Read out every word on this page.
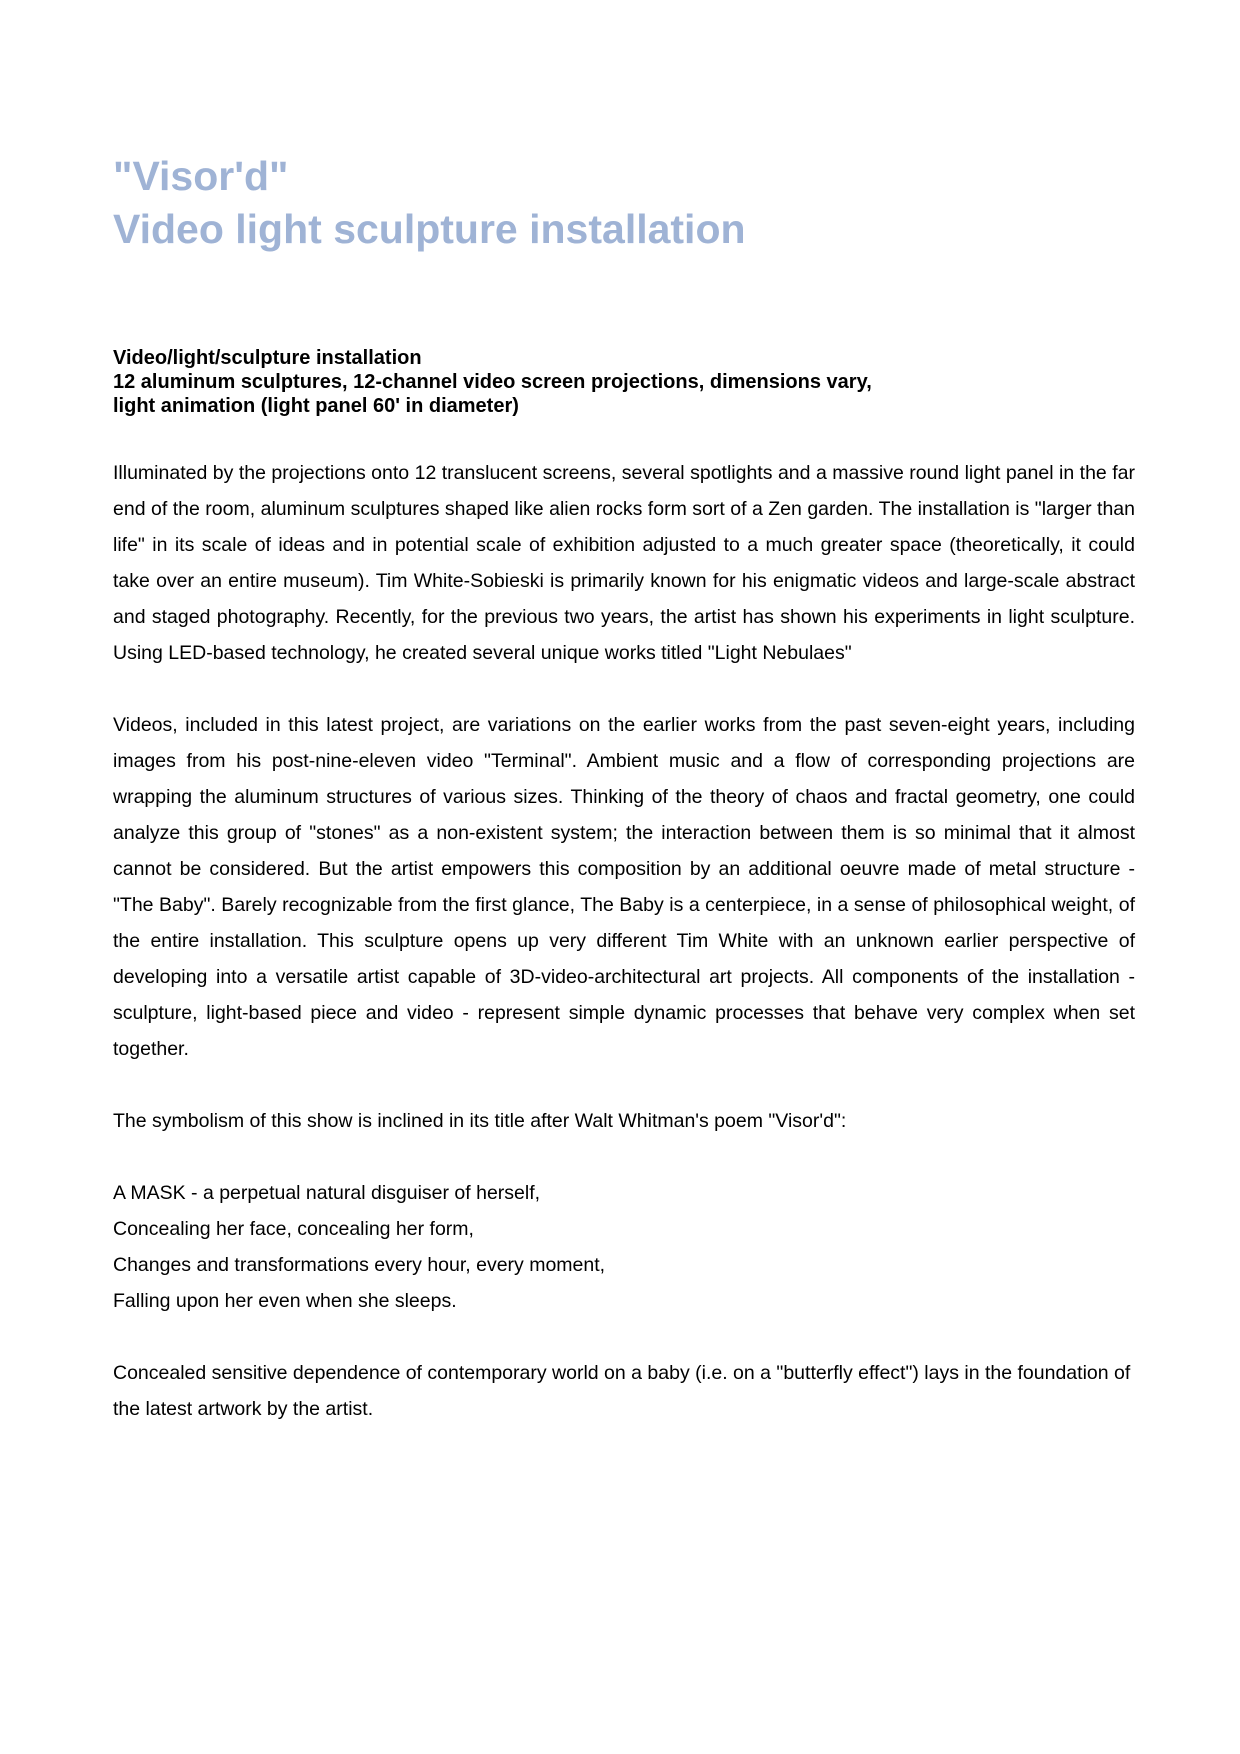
"Visor'd"
Video light sculpture installation
Video/light/sculpture installation
12 aluminum sculptures, 12-channel video screen projections, dimensions vary,
light animation (light panel 60' in diameter)

Illuminated by the projections onto 12 translucent screens, several spotlights and a massive round light panel in the far end of the room, aluminum sculptures shaped like alien rocks form sort of a Zen garden. The installation is "larger than life" in its scale of ideas and in potential scale of exhibition adjusted to a much greater space (theoretically, it could take over an entire museum). Tim White-Sobieski is primarily known for his enigmatic videos and large-scale abstract and staged photography. Recently, for the previous two years, the artist has shown his experiments in light sculpture. Using LED-based technology, he created several unique works titled "Light Nebulaes"

Videos, included in this latest project, are variations on the earlier works from the past seven-eight years, including images from his post-nine-eleven video "Terminal". Ambient music and a flow of corresponding projections are wrapping the aluminum structures of various sizes. Thinking of the theory of chaos and fractal geometry, one could analyze this group of "stones" as a non-existent system; the interaction between them is so minimal that it almost cannot be considered. But the artist empowers this composition by an additional oeuvre made of metal structure - "The Baby". Barely recognizable from the first glance, The Baby is a centerpiece, in a sense of philosophical weight, of the entire installation. This sculpture opens up very different Tim White with an unknown earlier perspective of developing into a versatile artist capable of 3D-video-architectural art projects. All components of the installation - sculpture, light-based piece and video - represent simple dynamic processes that behave very complex when set together.

The symbolism of this show is inclined in its title after Walt Whitman's poem "Visor'd":

A MASK - a perpetual natural disguiser of herself,
Concealing her face, concealing her form,
Changes and transformations every hour, every moment,
Falling upon her even when she sleeps.

Concealed sensitive dependence of contemporary world on a baby (i.e. on a "butterfly effect") lays in the foundation of the latest artwork by the artist.
